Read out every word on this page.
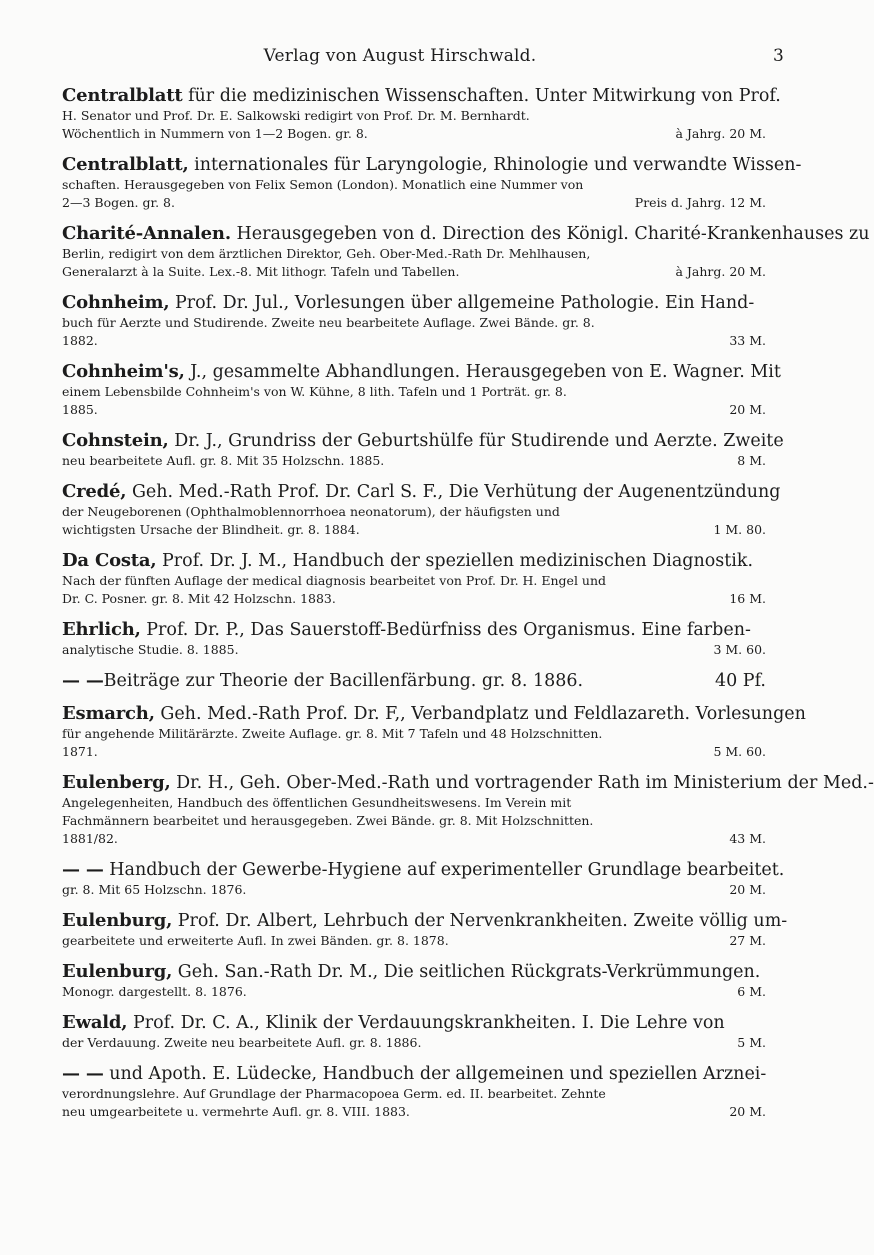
Verlag von August Hirschwald.	3

Centralblatt für die medizinischen Wissenschaften. Unter Mitwirkung von Prof.

H. Senator und Prof. Dr. E. Salkowski redigirt von Prof. Dr. M. Bernhardt.

Wöchentlich in Nummern von 1—2 Bogen. gr. 8.	à Jahrg. 20 M.

Centralblatt, internationales für Laryngologie, Rhinologie und verwandte Wissen-

schaften. Herausgegeben von Felix Semon (London). Monatlich eine Nummer von

2—3 Bogen. gr. 8.	Preis d. Jahrg. 12 M.

Charité-Annalen. Herausgegeben von d. Direction des Königl. Charité-Krankenhauses zu

Berlin, redigirt von dem ärztlichen Direktor, Geh. Ober-Med.-Rath Dr. Mehlhausen,

Generalarzt à la Suite. Lex.-8. Mit lithogr. Tafeln und Tabellen.	à Jahrg. 20 M.

Cohnheim, Prof. Dr. Jul., Vorlesungen über allgemeine Pathologie. Ein Hand-

buch für Aerzte und Studirende. Zweite neu bearbeitete Auflage. Zwei Bände. gr. 8.

1882.	33 M.

Cohnheim's, J., gesammelte Abhandlungen. Herausgegeben von E. Wagner. Mit

einem Lebensbilde Cohnheim's von W. Kühne, 8 lith. Tafeln und 1 Porträt. gr. 8.

1885.	20 M.

Cohnstein, Dr. J., Grundriss der Geburtshülfe für Studirende und Aerzte. Zweite

neu bearbeitete Aufl. gr. 8. Mit 35 Holzschn. 1885.	8 M.

Credé, Geh. Med.-Rath Prof. Dr. Carl S. F., Die Verhütung der Augenentzündung

der Neugeborenen (Ophthalmoblennorrhoea neonatorum), der häufigsten und

wichtigsten Ursache der Blindheit. gr. 8. 1884.	1 M. 80.

Da Costa, Prof. Dr. J. M., Handbuch der speziellen medizinischen Diagnostik.

Nach der fünften Auflage der medical diagnosis bearbeitet von Prof. Dr. H. Engel und

Dr. C. Posner. gr. 8. Mit 42 Holzschn. 1883.	16 M.

Ehrlich, Prof. Dr. P., Das Sauerstoff-Bedürfniss des Organismus. Eine farben-

analytische Studie. 8. 1885.	3 M. 60.

— — Beiträge zur Theorie der Bacillenfärbung. gr. 8. 1886.	40 Pf.

Esmarch, Geh. Med.-Rath Prof. Dr. F,, Verbandplatz und Feldlazareth. Vorlesungen

für angehende Militärärzte. Zweite Auflage. gr. 8. Mit 7 Tafeln und 48 Holzschnitten.

1871.	5 M. 60.

Eulenberg, Dr. H., Geh. Ober-Med.-Rath und vortragender Rath im Ministerium der Med.-

Angelegenheiten, Handbuch des öffentlichen Gesundheitswesens. Im Verein mit

Fachmännern bearbeitet und herausgegeben. Zwei Bände. gr. 8. Mit Holzschnitten.

1881/82.	43 M.

— — Handbuch der Gewerbe-Hygiene auf experimenteller Grundlage bearbeitet.

gr. 8. Mit 65 Holzschn. 1876.	20 M.

Eulenburg, Prof. Dr. Albert, Lehrbuch der Nervenkrankheiten. Zweite völlig um-

gearbeitete und erweiterte Aufl. In zwei Bänden. gr. 8. 1878.	27 M.

Eulenburg, Geh. San.-Rath Dr. M., Die seitlichen Rückgrats-Verkrümmungen.

Monogr. dargestellt. 8. 1876.	6 M.

Ewald, Prof. Dr. C. A., Klinik der Verdauungskrankheiten. I. Die Lehre von

der Verdauung. Zweite neu bearbeitete Aufl. gr. 8. 1886.	5 M.

— — und Apoth. E. Lüdecke, Handbuch der allgemeinen und speziellen Arznei-

verordnungslehre. Auf Grundlage der Pharmacopoea Germ. ed. II. bearbeitet. Zehnte

neu umgearbeitete u. vermehrte Aufl. gr. 8. VIII. 1883.	20 M.
